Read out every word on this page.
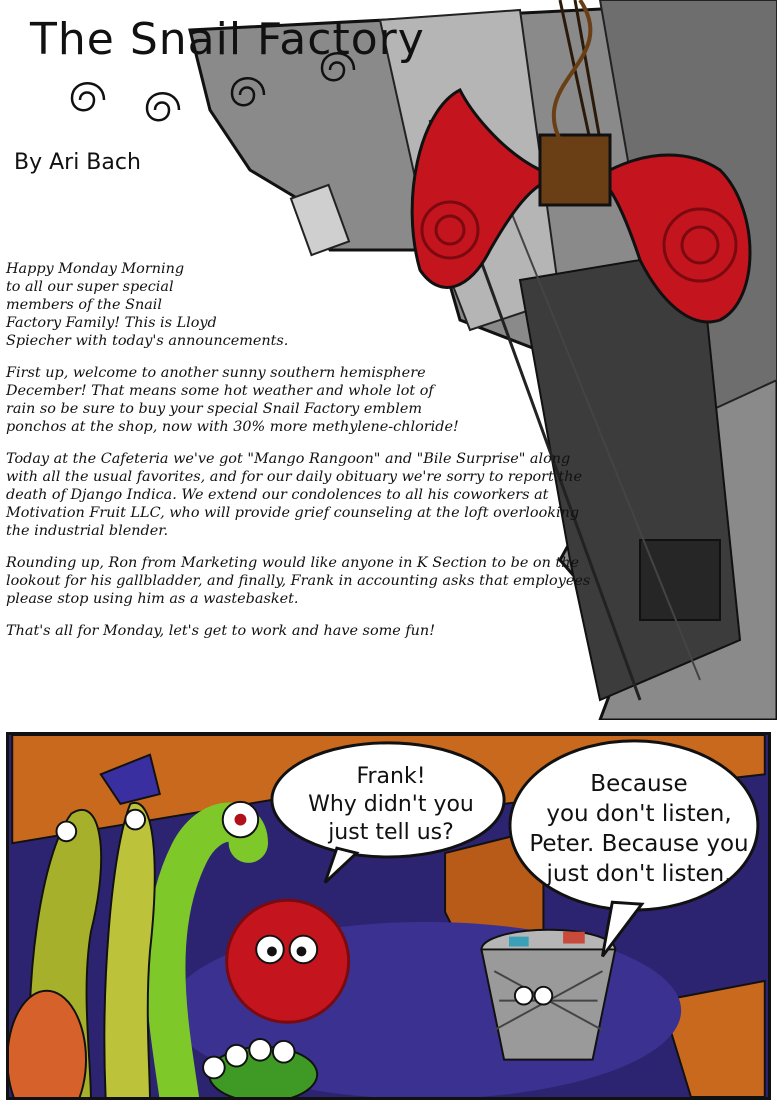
The Snail Factory
By Ari Bach

Happy Monday Morning
to all our super special
members of the Snail
Factory Family! This is Lloyd
Spiecher with today's announcements.

First up, welcome to another sunny southern hemisphere December! That means some hot weather and whole lot of rain so be sure to buy your special Snail Factory emblem ponchos at the shop, now with 30% more methylene-chloride!

Today at the Cafeteria we've got "Mango Rangoon" and "Bile Surprise" along with all the usual favorites, and for our daily obituary we're sorry to report the death of Django Indica. We extend our condolences to all his coworkers at Motivation Fruit LLC, who will provide grief counseling at the loft overlooking the industrial blender.

Rounding up, Ron from Marketing would like anyone in K Section to be on the lookout for his gallbladder, and finally, Frank in accounting asks that employees please stop using him as a wastebasket.

That's all for Monday, let's get to work and have some fun!

Frank!
Why didn't you
just tell us?
Because
you don't listen,
Peter. Because you
just don't listen.
